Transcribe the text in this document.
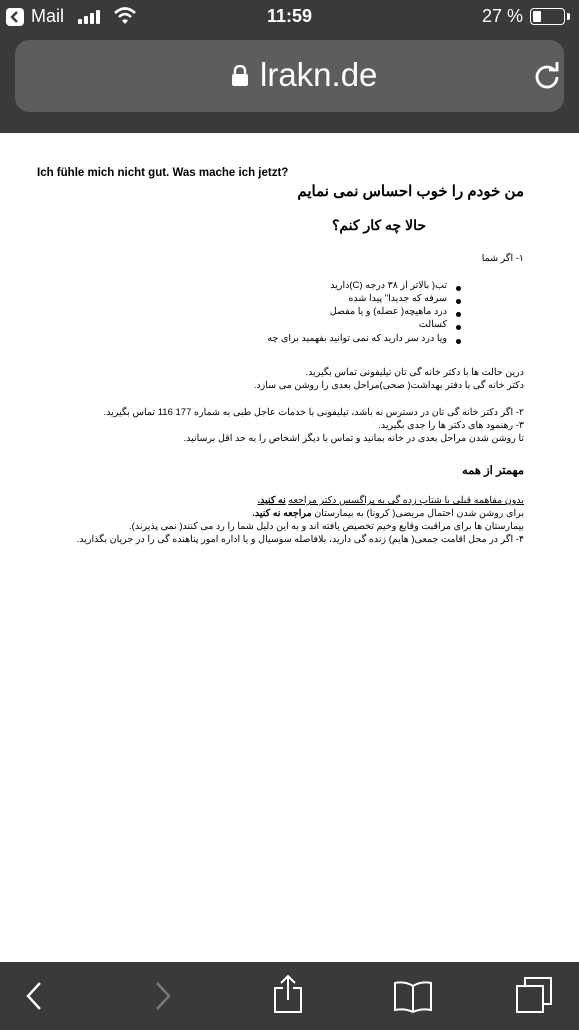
Mail	11:59	27 %
lrakn.de
Ich fühle mich nicht gut. Was mache ich jetzt?
من خودم را خوب احساس نمی نمایم
حالا چه کار کنم؟
۱- اگر شما
تب( بالاتر از ۳۸ درجه (C)دارید
سرفه که جدیدا" پیدا شده
درد ماهیچه( عضله) و یا مفصل
کسالت
ویا درد سر دارید که نمی توانید بفهمید برای چه
درین حالت ها با دکتر خانه گی تان تیلیفونی تماس بگیرید.
دکتر خانه گی با دفتر بهداشت( صحی)مراحل بعدی را روشن می سازد.
۲- اگر دکتر خانه گی تان در دسترس نه باشد، تیلیفونی با خدمات عاجل طبی به شماره 177 116 تماس بگیرید.
۳- رهنمود های دکتر ها را جدی بگیرید.
تا روشن شدن مراحل بعدی در خانه بمانید و تماس با دیگر اشخاص را به حد اقل برسانید.
مهمتر از همه
بدون مفاهمه قبلی با شتاب زده گی به پراگسس دکتر مراجعه نه کنید.
برای روشن شدن احتمال مریضی( کرونا) به بیمارستان مراجعه نه کنید.
بیمارستان ها برای مراقبت وقایع وخیم تخصیص یافته اند و به این دلیل شما را رد می کنند( نمی پذیرند).
۴- اگر در محل اقامت جمعی( هایم) زنده گی دارید، بلافاصله سوسیال و یا اداره امور پناهنده گی را در جریان بگذارید.
